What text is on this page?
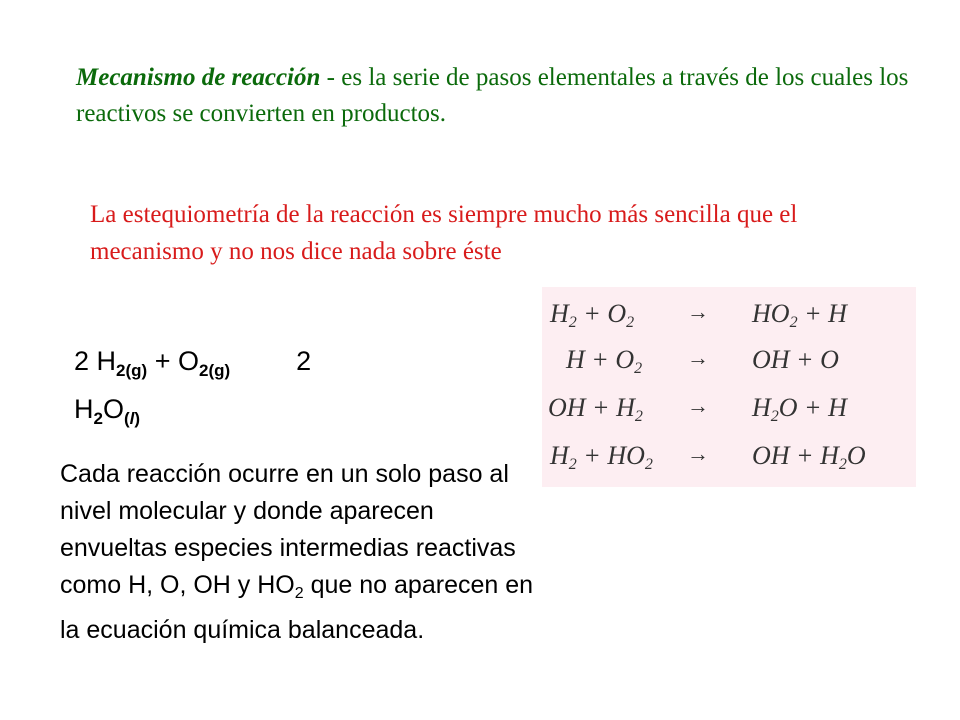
Mecanismo de reacción - es la serie de pasos elementales a través de los cuales los reactivos se convierten en productos.
La estequiometría de la reacción es siempre mucho más sencilla que el mecanismo y no nos dice nada sobre éste
2 $H_{2(g)} + O_{2(g)}$ 2
$H_2O_{(l)}$
Cada reacción ocurre en un solo paso al nivel molecular y donde aparecen envueltas especies intermedias reactivas como H, O, OH y $HO_2$ que no aparecen en la ecuación química balanceada.
$H_2 + O_2 \to HO_2 + H$
$H + O_2$ → OH + O
OH + $H_2 \to H_2O + H$
$H_2 + HO_2$ → OH + $H_2O$
